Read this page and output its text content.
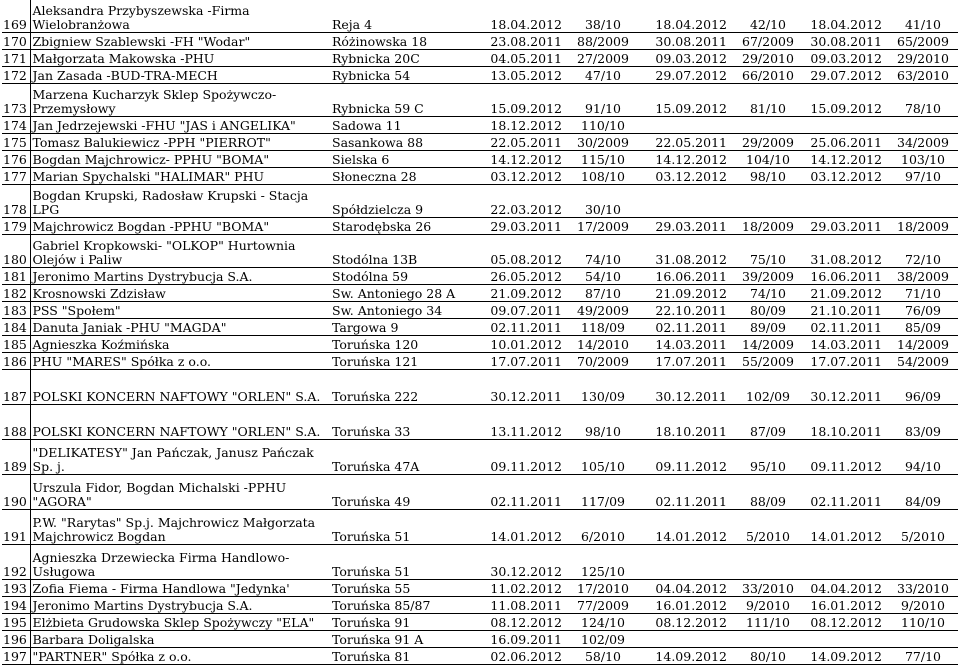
169	Aleksandra Przybyszewska -Firma Wielobranżowa	Reja 4	18.04.2012	38/10	18.04.2012	42/10	18.04.2012	41/10
170	Zbigniew Szablewski -FH "Wodar"	Różinowska 18	23.08.2011	88/2009	30.08.2011	67/2009	30.08.2011	65/2009
171	Małgorzata Makowska -PHU	Rybnicka 20C	04.05.2011	27/2009	09.03.2012	29/2010	09.03.2012	29/2010
172	Jan Zasada -BUD-TRA-MECH	Rybnicka 54	13.05.2012	47/10	29.07.2012	66/2010	29.07.2012	63/2010
173	Marzena Kucharzyk Sklep Spożywczo-Przemysłowy	Rybnicka 59 C	15.09.2012	91/10	15.09.2012	81/10	15.09.2012	78/10
174	Jan Jedrzejewski -FHU "JAS i ANGELIKA"	Sadowa 11	18.12.2012	110/10				
175	Tomasz Balukiewicz -PPH "PIERROT"	Sasankowa 88	22.05.2011	30/2009	22.05.2011	29/2009	25.06.2011	34/2009
176	Bogdan Majchrowicz- PPHU "BOMA"	Sielska 6	14.12.2012	115/10	14.12.2012	104/10	14.12.2012	103/10
177	Marian Spychalski "HALIMAR" PHU	Słoneczna 28	03.12.2012	108/10	03.12.2012	98/10	03.12.2012	97/10
178	Bogdan Krupski, Radosław Krupski - Stacja LPG	Spółdzielcza 9	22.03.2012	30/10				
179	Majchrowicz Bogdan -PPHU "BOMA"	Starodębska 26	29.03.2011	17/2009	29.03.2011	18/2009	29.03.2011	18/2009
180	Gabriel Kropkowski- "OLKOP" Hurtownia Olejów i Paliw	Stodólna 13B	05.08.2012	74/10	31.08.2012	75/10	31.08.2012	72/10
181	Jeronimo Martins Dystrybucja S.A.	Stodólna 59	26.05.2012	54/10	16.06.2011	39/2009	16.06.2011	38/2009
182	Krosnowski Zdzisław	Sw. Antoniego 28 A	21.09.2012	87/10	21.09.2012	74/10	21.09.2012	71/10
183	PSS "Społem"	Sw. Antoniego 34	09.07.2011	49/2009	22.10.2011	80/09	21.10.2011	76/09
184	Danuta Janiak -PHU "MAGDA"	Targowa 9	02.11.2011	118/09	02.11.2011	89/09	02.11.2011	85/09
185	Agnieszka Koźmińska	Toruńska 120	10.01.2012	14/2010	14.03.2011	14/2009	14.03.2011	14/2009
186	PHU "MARES" Spółka z o.o.	Toruńska 121	17.07.2011	70/2009	17.07.2011	55/2009	17.07.2011	54/2009
187	POLSKI KONCERN NAFTOWY "ORLEN" S.A.	Toruńska 222	30.12.2011	130/09	30.12.2011	102/09	30.12.2011	96/09
188	POLSKI KONCERN NAFTOWY "ORLEN" S.A.	Toruńska 33	13.11.2012	98/10	18.10.2011	87/09	18.10.2011	83/09
189	"DELIKATESY" Jan Pańczak, Janusz Pańczak Sp. j.	Toruńska 47A	09.11.2012	105/10	09.11.2012	95/10	09.11.2012	94/10
190	Urszula Fidor, Bogdan Michalski -PPHU "AGORA"	Toruńska 49	02.11.2011	117/09	02.11.2011	88/09	02.11.2011	84/09
191	P.W. "Rarytas" Sp.j. Majchrowicz Małgorzata Majchrowicz Bogdan	Toruńska 51	14.01.2012	6/2010	14.01.2012	5/2010	14.01.2012	5/2010
192	Agnieszka Drzewiecka Firma Handlowo-Usługowa	Toruńska 51	30.12.2012	125/10				
193	Zofia Fiema - Firma Handlowa "Jedynka'	Toruńska 55	11.02.2012	17/2010	04.04.2012	33/2010	04.04.2012	33/2010
194	Jeronimo Martins Dystrybucja S.A.	Toruńska 85/87	11.08.2011	77/2009	16.01.2012	9/2010	16.01.2012	9/2010
195	Elżbieta Grudowska Sklep Spożywczy "ELA"	Toruńska 91	08.12.2012	124/10	08.12.2012	111/10	08.12.2012	110/10
196	Barbara Doligalska	Toruńska 91 A	16.09.2011	102/09				
197	"PARTNER" Spółka z o.o.	Toruńska 81	02.06.2012	58/10	14.09.2012	80/10	14.09.2012	77/10
